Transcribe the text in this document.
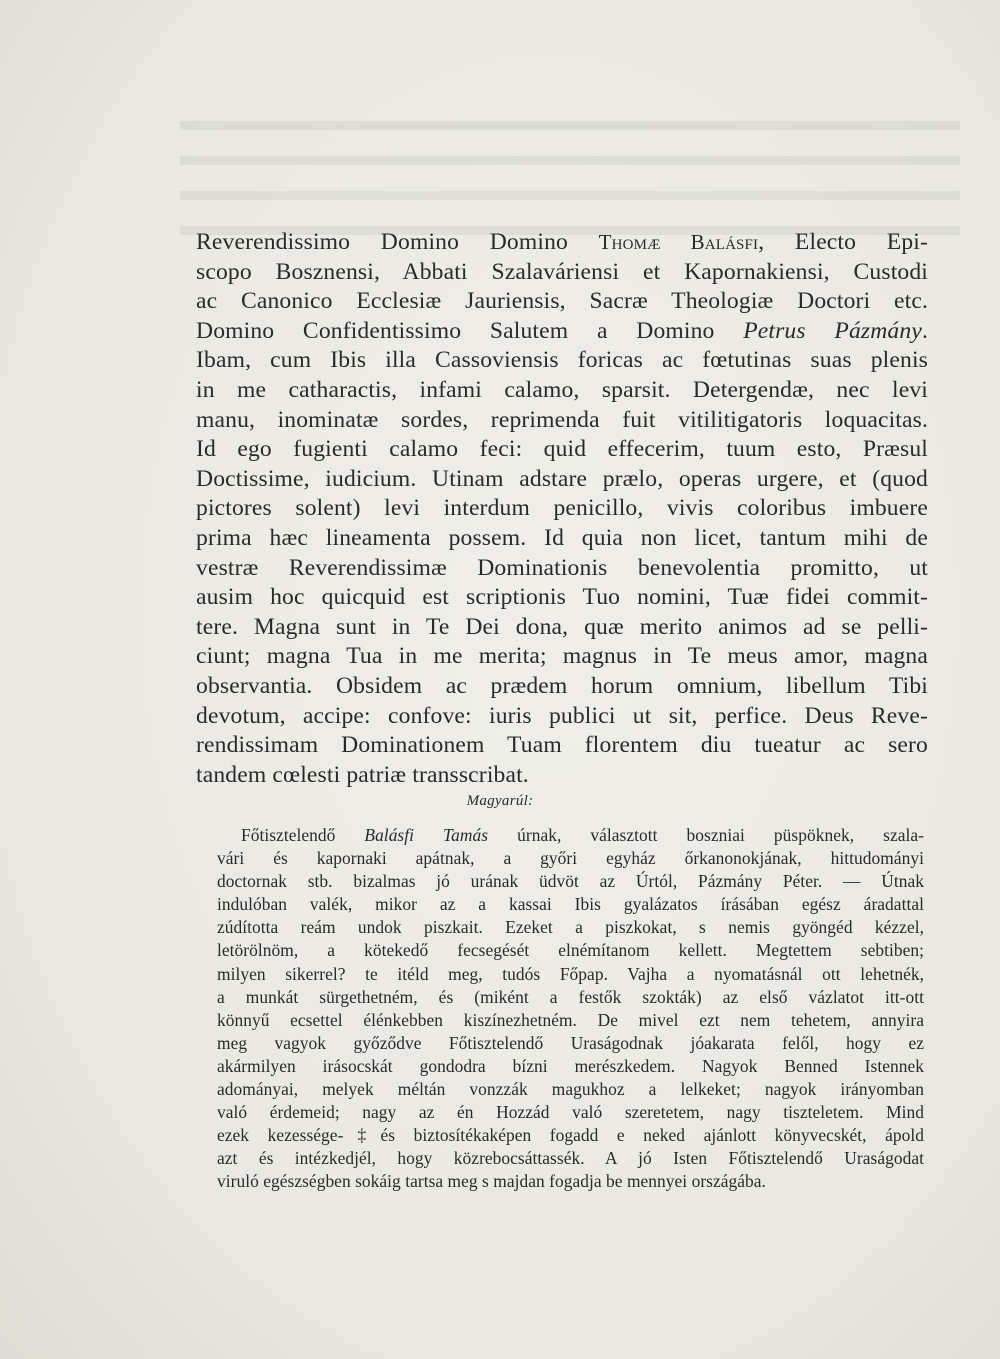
Reverendissimo Domino Domino Thomæ Balásfi, Electo Epi-
scopo Bosznensi, Abbati Szalaváriensi et Kapornakiensi, Custodi
ac Canonico Ecclesiæ Jauriensis, Sacræ Theologiæ Doctori etc.
Domino Confidentissimo Salutem a Domino Petrus Pázmány.
Ibam, cum Ibis illa Cassoviensis foricas ac fœtutinas suas plenis
in me catharactis, infami calamo, sparsit. Detergendæ, nec levi
manu, inominatæ sordes, reprimenda fuit vitilitigatoris loquacitas.
Id ego fugienti calamo feci: quid effecerim, tuum esto, Præsul
Doctissime, iudicium. Utinam adstare prælo, operas urgere, et (quod
pictores solent) levi interdum penicillo, vivis coloribus imbuere
prima hæc lineamenta possem. Id quia non licet, tantum mihi de
vestræ Reverendissimæ Dominationis benevolentia promitto, ut
ausim hoc quicquid est scriptionis Tuo nomini, Tuæ fidei commit-
tere. Magna sunt in Te Dei dona, quæ merito animos ad se pelli-
ciunt; magna Tua in me merita; magnus in Te meus amor, magna
observantia. Obsidem ac prædem horum omnium, libellum Tibi
devotum, accipe: confove: iuris publici ut sit, perfice. Deus Reve-
rendissimam Dominationem Tuam florentem diu tueatur ac sero
tandem cœlesti patriæ transscribat.
Magyarúl:
Főtisztelendő Balásfi Tamás úrnak, választott boszniai püspöknek, szala-
vári és kapornaki apátnak, a győri egyház őrkanonokjának, hittudományi
doctornak stb. bizalmas jó urának üdvöt az Úrtól, Pázmány Péter. — Útnak
indulóban valék, mikor az a kassai Ibis gyalázatos írásában egész áradattal
zúdította reám undok piszkait. Ezeket a piszkokat, s nemis gyöngéd kézzel,
letörölnöm, a kötekedő fecsegését elnémítanom kellett. Megtettem sebtiben;
milyen sikerrel? te itéld meg, tudós Főpap. Vajha a nyomatásnál ott lehetnék,
a munkát sürgethetném, és (miként a festők szokták) az első vázlatot itt-ott
könnyű ecsettel élénkebben kiszínezhetném. De mivel ezt nem tehetem, annyira
meg vagyok győződve Főtisztelendő Uraságodnak jóakarata felől, hogy ez
akármilyen irásocskát gondodra bízni merészkedem. Nagyok Benned Istennek
adományai, melyek méltán vonzzák magukhoz a lelkeket; nagyok irányomban
való érdemeid; nagy az én Hozzád való szeretetem, nagy tiszteletem. Mind
ezek kezessége-‡és biztosítékaképen fogadd e neked ajánlott könyvecskét, ápold
azt és intézkedjél, hogy közrebocsáttassék. A jó Isten Főtisztelendő Uraságodat
viruló egészségben sokáig tartsa meg s majdan fogadja be mennyei országába.
